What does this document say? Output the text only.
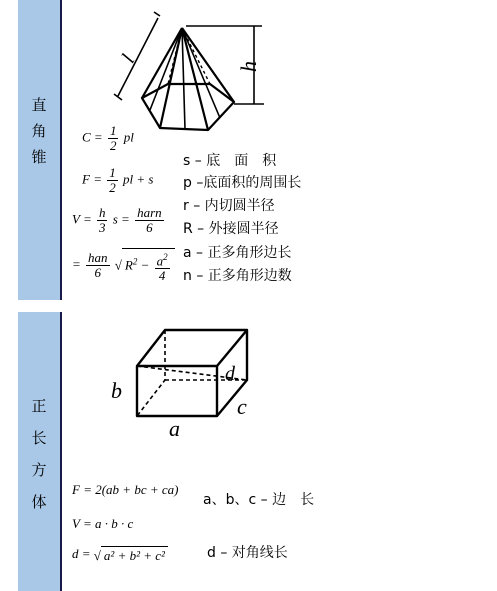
直
角
锥
l	h
$C = \frac{1}{2}$ pl
$F = \frac{1}{2}$ pl + s
$V = \frac{h}{3}$ $s = \frac{\text{harn}}{6}$
= $\frac{\text{han}}{6}$ √ $R^2 - \frac{a^2}{4}$
s – 底　面　积
p –底面积的周围长
r – 内切圆半径
R – 外接圆半径
a – 正多角形边长
n – 正多角形边数
正
长
方
体
a
b
c
d
F = 2(ab + bc + ca)
V = a · b · c
d = √ a² + b² + c²
a、b、c – 边　长
d – 对角线长
